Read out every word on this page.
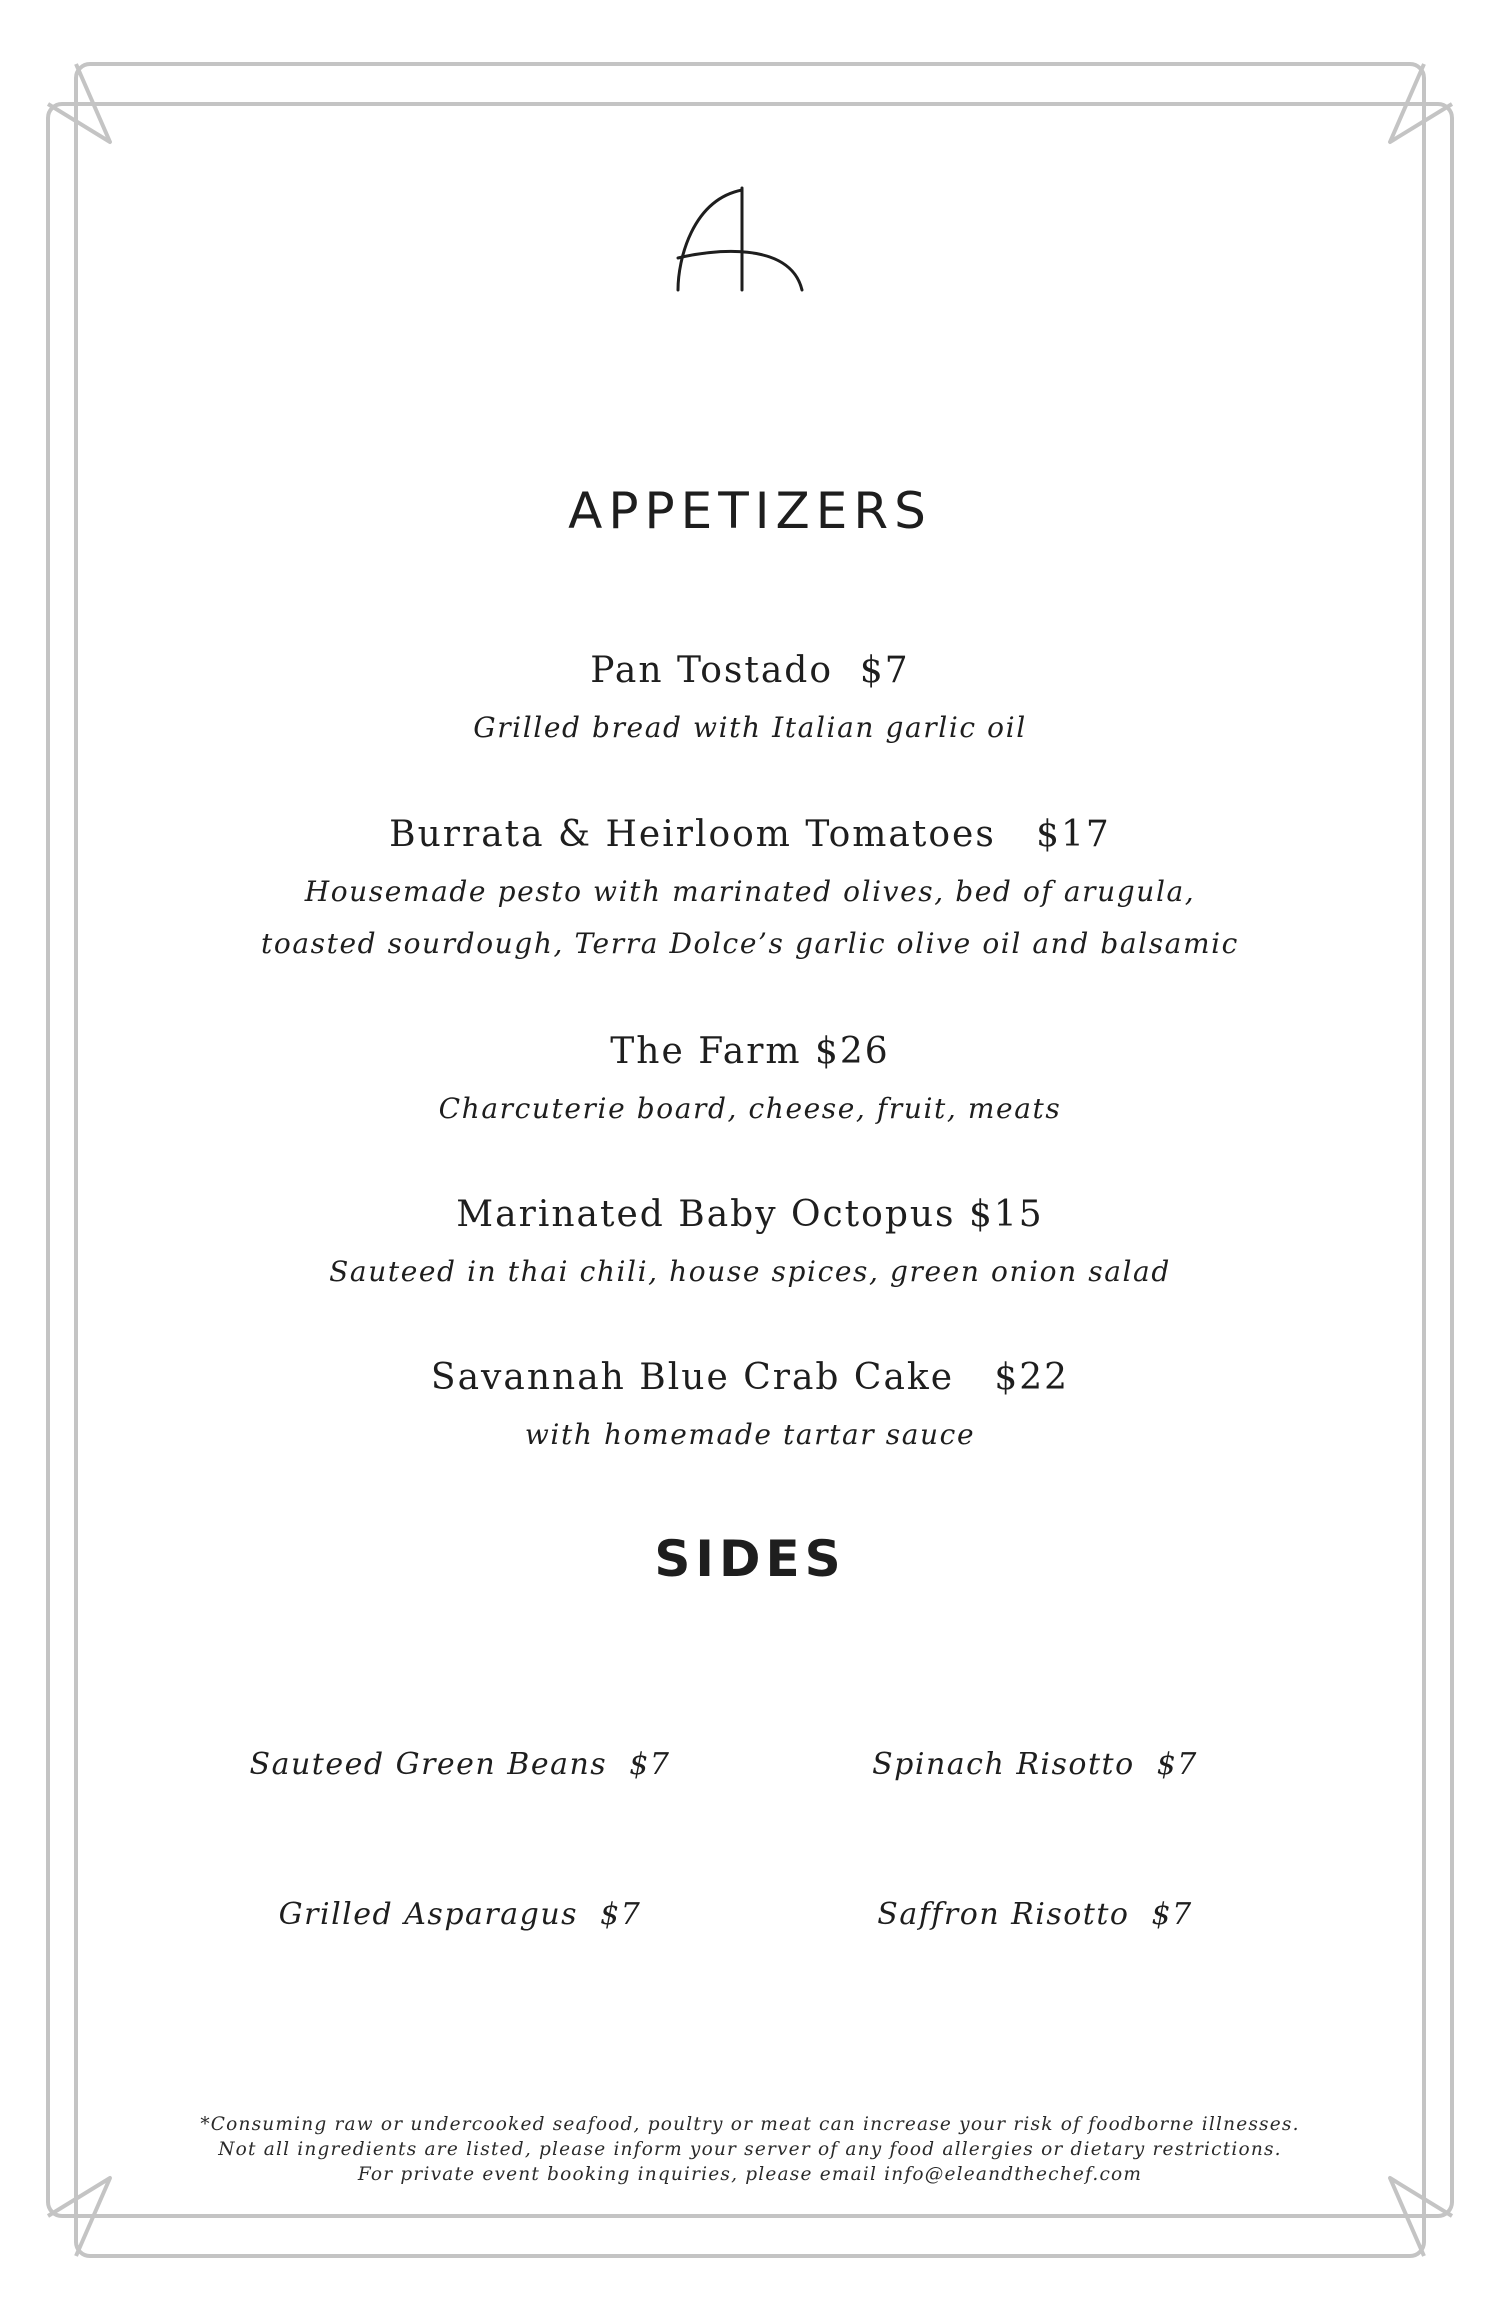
APPETIZERS
Pan Tostado  $7
Grilled bread with Italian garlic oil
Burrata & Heirloom Tomatoes   $17
Housemade pesto with marinated olives, bed of arugula,
toasted sourdough, Terra Dolce’s garlic olive oil and balsamic
The Farm $26
Charcuterie board, cheese, fruit, meats
Marinated Baby Octopus $15
Sauteed in thai chili, house spices, green onion salad
Savannah Blue Crab Cake   $22
with homemade tartar sauce
SIDES

Sauteed Green Beans  $7

Grilled Asparagus  $7

Spinach Risotto  $7

Saffron Risotto  $7

*Consuming raw or undercooked seafood, poultry or meat can increase your risk of foodborne illnesses.
Not all ingredients are listed, please inform your server of any food allergies or dietary restrictions.
For private event booking inquiries, please email info@eleandthechef.com
